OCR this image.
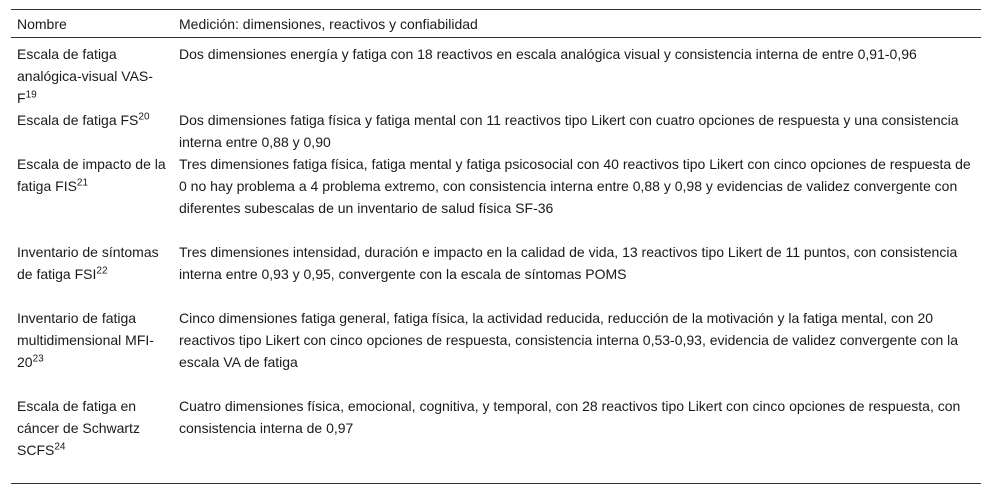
Nombre	Medición: dimensiones, reactivos y confiabilidad
Escala de fatiga analógica-visual VAS-$F^{19}$	Dos dimensiones energía y fatiga con 18 reactivos en escala analógica visual y consistencia interna de entre 0,91-0,96
Escala de fatiga FS$^{20}$	Dos dimensiones fatiga física y fatiga mental con 11 reactivos tipo Likert con cuatro opciones de respuesta y una consistencia interna entre 0,88 y 0,90
Escala de impacto de la fatiga FIS$^{21}$	Tres dimensiones fatiga física, fatiga mental y fatiga psicosocial con 40 reactivos tipo Likert con cinco opciones de respuesta de 0 no hay problema a 4 problema extremo, con consistencia interna entre 0,88 y 0,98 y evidencias de validez convergente con diferentes subescalas de un inventario de salud física SF-36
Inventario de síntomas de fatiga FSI$^{22}$	Tres dimensiones intensidad, duración e impacto en la calidad de vida, 13 reactivos tipo Likert de 11 puntos, con consistencia interna entre 0,93 y 0,95, convergente con la escala de síntomas POMS
Inventario de fatiga multidimensional MFI-$20^{23}$	Cinco dimensiones fatiga general, fatiga física, la actividad reducida, reducción de la motivación y la fatiga mental, con 20 reactivos tipo Likert con cinco opciones de respuesta, consistencia interna 0,53-0,93, evidencia de validez convergente con la escala VA de fatiga
Escala de fatiga en cáncer de Schwartz SCFS$^{24}$	Cuatro dimensiones física, emocional, cognitiva, y temporal, con 28 reactivos tipo Likert con cinco opciones de respuesta, con consistencia interna de 0,97
